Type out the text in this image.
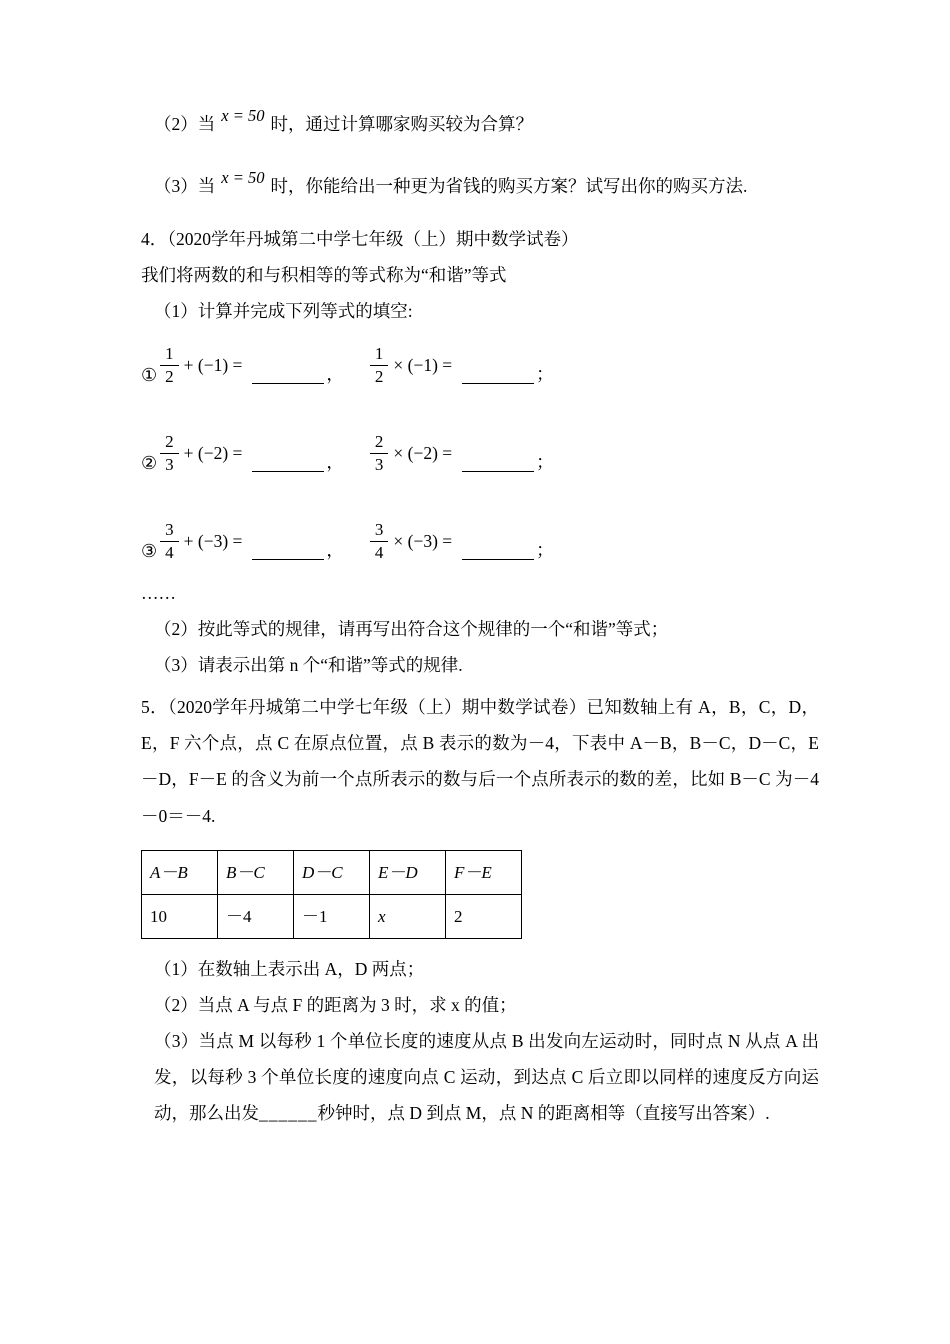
（2）当 x = 50 时，通过计算哪家购买较为合算？

（3）当 x = 50 时，你能给出一种更为省钱的购买方案？试写出你的购买方法.

4．（2020学年丹城第二中学七年级（上）期中数学试卷）

我们将两数的和与积相等的等式称为“和谐”等式

（1）计算并完成下列等式的填空:

① $\frac{1}{2} + (-1)$ =	， $\frac{1}{2} \times (-1)$ =	；
② $\frac{2}{3} + (-2)$ =	， $\frac{2}{3} \times (-2)$ =	；
③ $\frac{3}{4} + (-3)$ =	， $\frac{3}{4} \times (-3)$ =	；

……

（2）按此等式的规律，请再写出符合这个规律的一个“和谐”等式；

（3）请表示出第 n 个“和谐”等式的规律.

5．（2020学年丹城第二中学七年级（上）期中数学试卷）已知数轴上有 A，B，C，D，E，F 六个点，点 C 在原点位置，点 B 表示的数为－4，下表中 A－B，B－C，D－C，E－D，F－E 的含义为前一个点所表示的数与后一个点所表示的数的差，比如 B－C 为－4－0＝－4.

A－B	B－C	D－C	E－D	F－E
10	－4	－1	x	2

（1）在数轴上表示出 A，D 两点；

（2）当点 A 与点 F 的距离为 3 时，求 x 的值；

（3）当点 M 以每秒 1 个单位长度的速度从点 B 出发向左运动时，同时点 N 从点 A 出发，以每秒 3 个单位长度的速度向点 C 运动，到达点 C 后立即以同样的速度反方向运动，那么出发______秒钟时，点 D 到点 M，点 N 的距离相等（直接写出答案）.
